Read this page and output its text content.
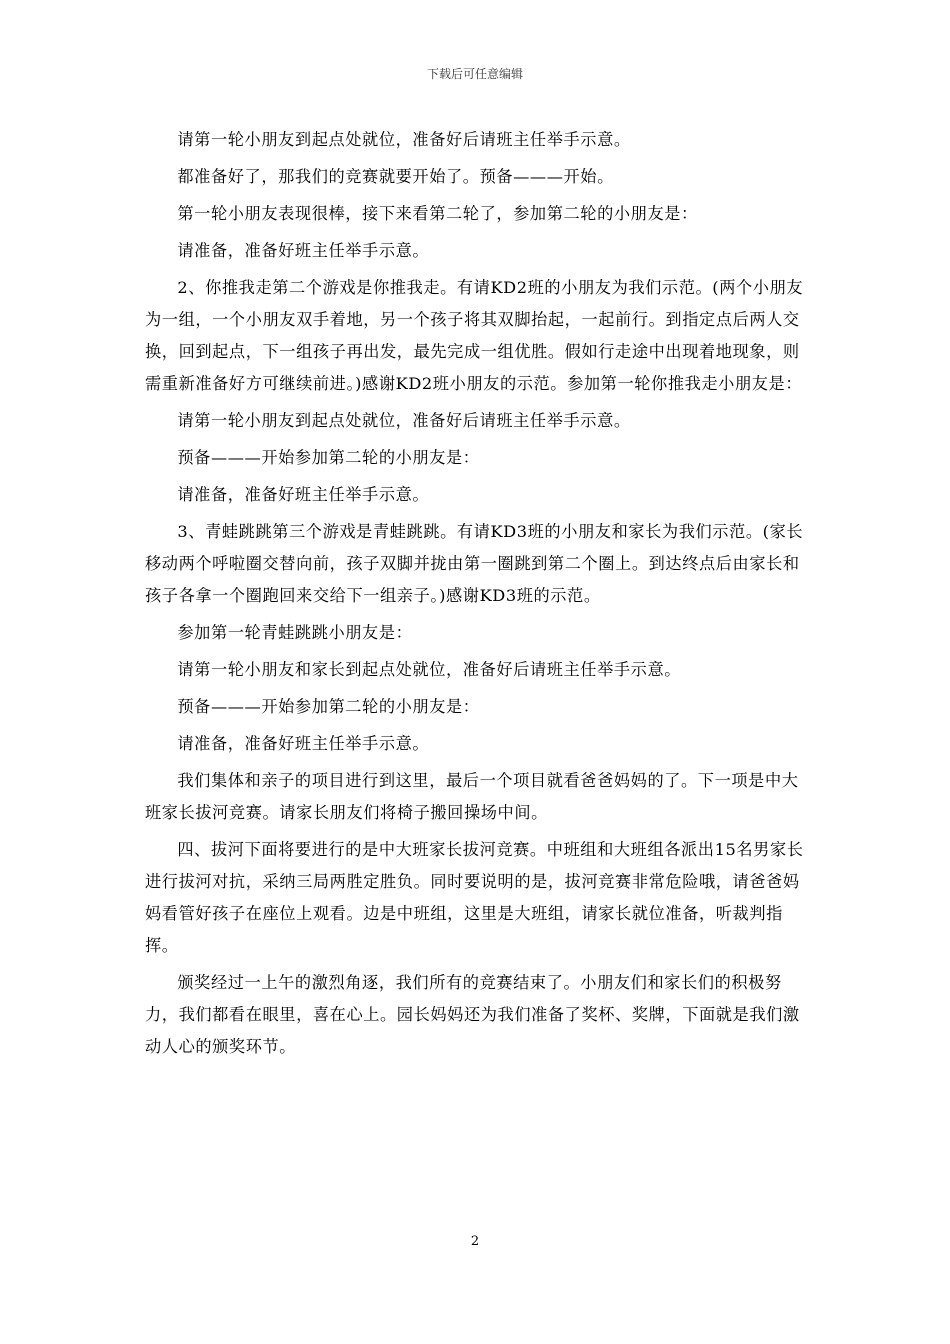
下载后可任意编辑

请第一轮小朋友到起点处就位，准备好后请班主任举手示意。

都准备好了，那我们的竞赛就要开始了。预备———开始。

第一轮小朋友表现很棒，接下来看第二轮了，参加第二轮的小朋友是：

请准备，准备好班主任举手示意。

2、你推我走第二个游戏是你推我走。有请KD2班的小朋友为我们示范。(两个小朋友为一组，一个小朋友双手着地，另一个孩子将其双脚抬起，一起前行。到指定点后两人交换，回到起点，下一组孩子再出发，最先完成一组优胜。假如行走途中出现着地现象，则需重新准备好方可继续前进。)感谢KD2班小朋友的示范。参加第一轮你推我走小朋友是：

请第一轮小朋友到起点处就位，准备好后请班主任举手示意。

预备———开始参加第二轮的小朋友是：

请准备，准备好班主任举手示意。

3、青蛙跳跳第三个游戏是青蛙跳跳。有请KD3班的小朋友和家长为我们示范。(家长移动两个呼啦圈交替向前，孩子双脚并拢由第一圈跳到第二个圈上。到达终点后由家长和孩子各拿一个圈跑回来交给下一组亲子。)感谢KD3班的示范。

参加第一轮青蛙跳跳小朋友是：

请第一轮小朋友和家长到起点处就位，准备好后请班主任举手示意。

预备———开始参加第二轮的小朋友是：

请准备，准备好班主任举手示意。

我们集体和亲子的项目进行到这里，最后一个项目就看爸爸妈妈的了。下一项是中大班家长拔河竞赛。请家长朋友们将椅子搬回操场中间。

四、拔河下面将要进行的是中大班家长拔河竞赛。中班组和大班组各派出15名男家长进行拔河对抗，采纳三局两胜定胜负。同时要说明的是，拔河竞赛非常危险哦，请爸爸妈妈看管好孩子在座位上观看。边是中班组，这里是大班组，请家长就位准备，听裁判指挥。

颁奖经过一上午的激烈角逐，我们所有的竞赛结束了。小朋友们和家长们的积极努力，我们都看在眼里，喜在心上。园长妈妈还为我们准备了奖杯、奖牌，下面就是我们激动人心的颁奖环节。

2
